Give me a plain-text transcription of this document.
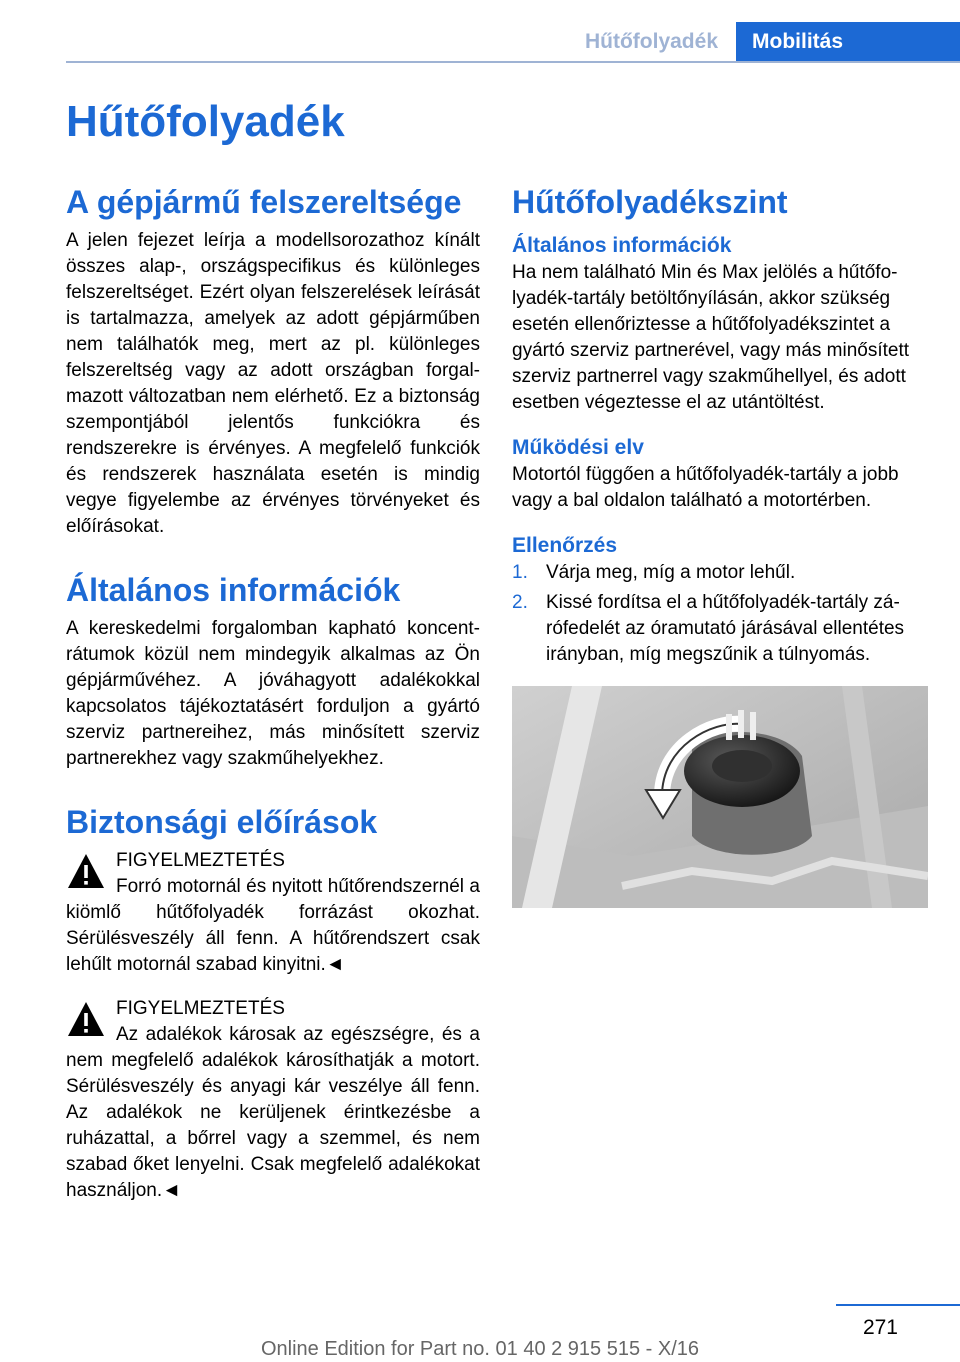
Hűtőfolyadék	Mobilitás
Hűtőfolyadék
A gépjármű felszereltsége

A jelen fejezet leírja a modellsorozathoz kínált összes alap-, országspecifikus és különleges felszereltséget. Ezért olyan felszerelések leírását is tartalmazza, amelyek az adott gépjárműben nem találhatók meg, mert az pl. különleges felszereltség vagy az adott országban forgalmazott változatban nem elérhető. Ez a biztonság szempontjából jelentős funkciókra és rendszerekre is érvényes. A megfelelő funkciók és rendszerek használata esetén is mindig vegye figyelembe az érvényes törvényeket és előírásokat.

Általános információk

A kereskedelmi forgalomban kapható koncentrátumok közül nem mindegyik alkalmas az Ön gépjárművéhez. A jóváhagyott adalékokkal kapcsolatos tájékoztatásért forduljon a gyártó szerviz partnereihez, más minősített szerviz partnerekhez vagy szakműhelyekhez.

Biztonsági előírások
FIGYELMEZTETÉS
Forró motornál és nyitott hűtőrendszernél a kiömlő hűtőfolyadék forrázást okozhat. Sérülésveszély áll fenn. A hűtőrendszert csak lehűlt motornál szabad kinyitni.◄
FIGYELMEZTETÉS
Az adalékok károsak az egészségre, és a nem megfelelő adalékok károsíthatják a motort. Sérülésveszély és anyagi kár veszélye áll fenn. Az adalékok ne kerüljenek érintkezésbe a ruházattal, a bőrrel vagy a szemmel, és nem szabad őket lenyelni. Csak megfelelő adalékokat használjon.◄
Hűtőfolyadékszint
Általános információk

Ha nem található Min és Max jelölés a hűtőfolyadék-tartály betöltőnyílásán, akkor szükség esetén ellenőriztesse a hűtőfolyadékszintet a gyártó szerviz partnerével, vagy más minősített szerviz partnerrel vagy szakműhellyel, és adott esetben végeztesse el az utántöltést.

Működési elv

Motortól függően a hűtőfolyadék-tartály a jobb vagy a bal oldalon található a motortérben.

Ellenőrzés
1. Várja meg, míg a motor lehűl.
2. Kissé fordítsa el a hűtőfolyadék-tartály zárófedelét az óramutató járásával ellentétes irányban, míg megszűnik a túlnyomás.
271
Online Edition for Part no. 01 40 2 915 515 - X/16
